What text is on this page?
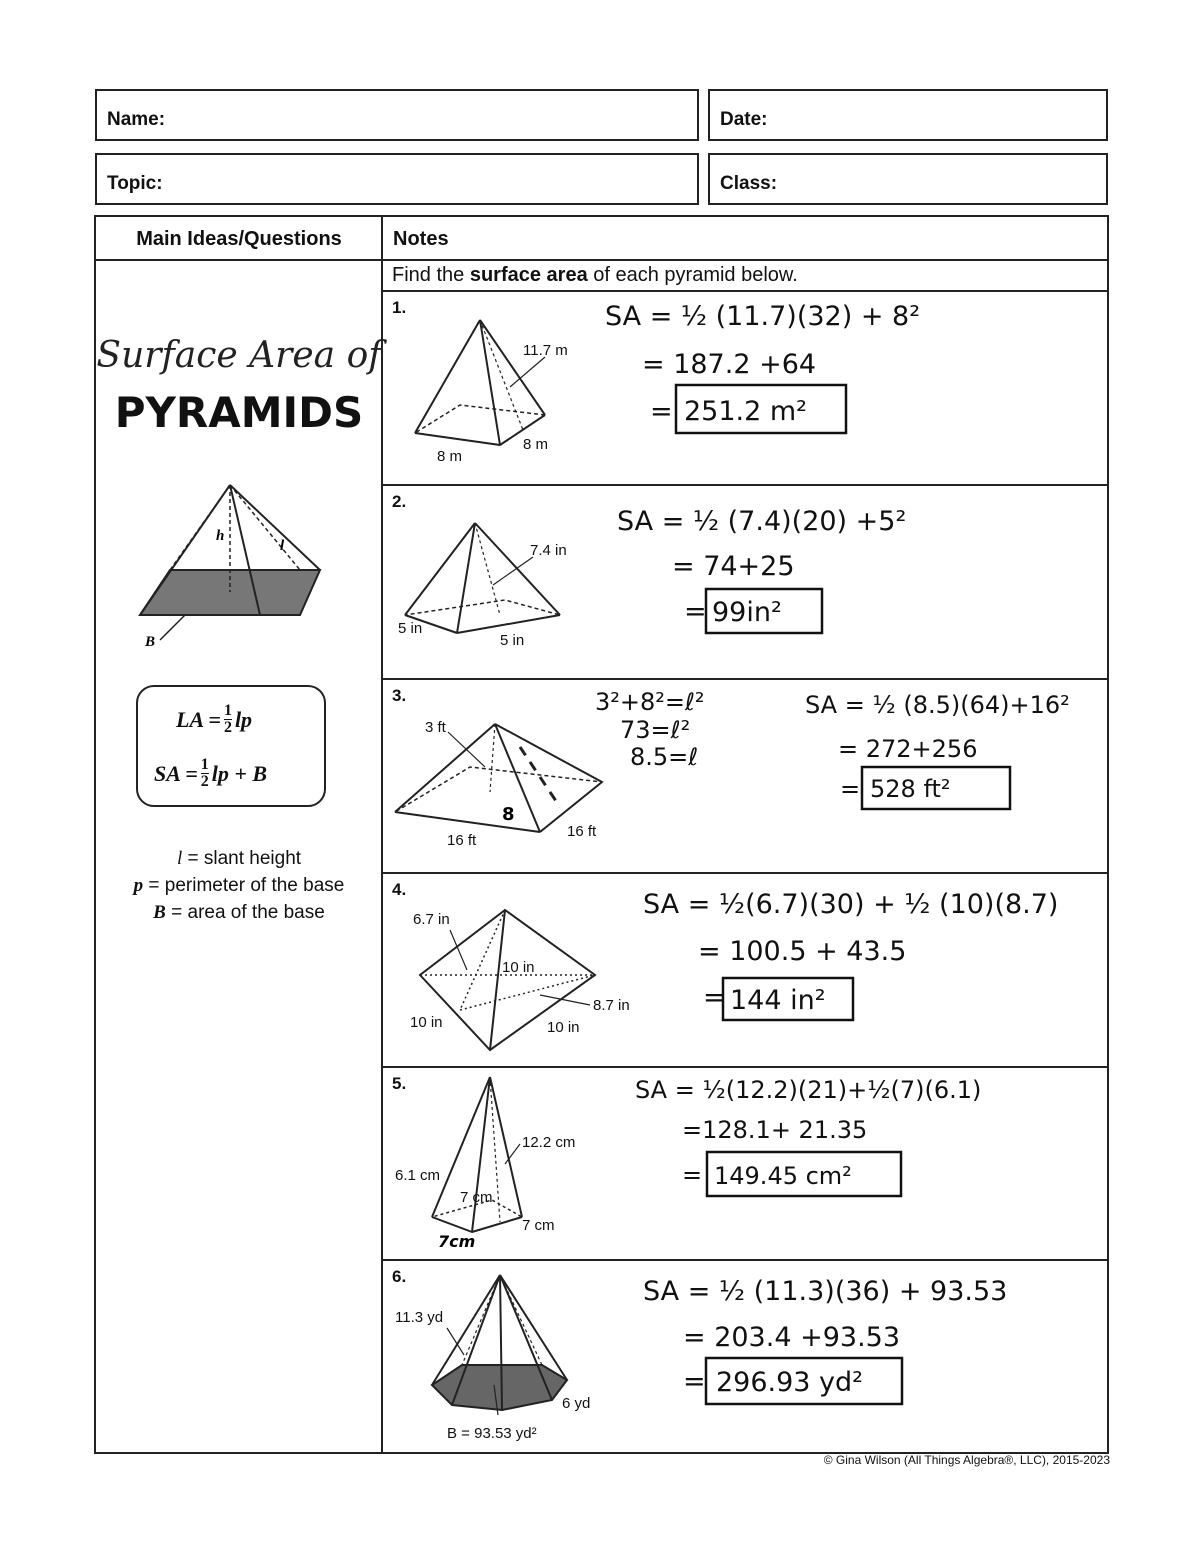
Name:	Date:
Topic:	Class:
Main Ideas/Questions	Notes
Find the surface area of each pyramid below.
Surface Area of
PYRAMIDS
h
l
B
LA = $\frac{1}{2}$ lp
SA = $\frac{1}{2}$ lp + B
l = slant height
p = perimeter of the base
B = area of the base
1.
11.7 m
8 m
8 m
SA = ½ (11.7)(32) + 8²
= 187.2 +64
= 251.2 m²
2.
7.4 in
5 in
5 in
SA = ½ (7.4)(20) +5²
= 74+25
= 99in²
3.
3 ft
16 ft
16 ft
8
3²+8²=ℓ²
73=ℓ²
8.5=ℓ
SA = ½ (8.5)(64)+16²
= 272+256
= 528 ft²
4.
6.7 in
10 in
8.7 in
10 in	10 in
SA = ½(6.7)(30) + ½ (10)(8.7)
= 100.5 + 43.5
= 144 in²
5.
12.2 cm
6.1 cm
7 cm
7 cm
7cm
SA = ½(12.2)(21)+½(7)(6.1)
=128.1+ 21.35
= 149.45 cm²
6.
11.3 yd
6 yd
B = 93.53 yd²
SA = ½ (11.3)(36) + 93.53
= 203.4 +93.53
= 296.93 yd²
© Gina Wilson (All Things Algebra®, LLC), 2015-2023
